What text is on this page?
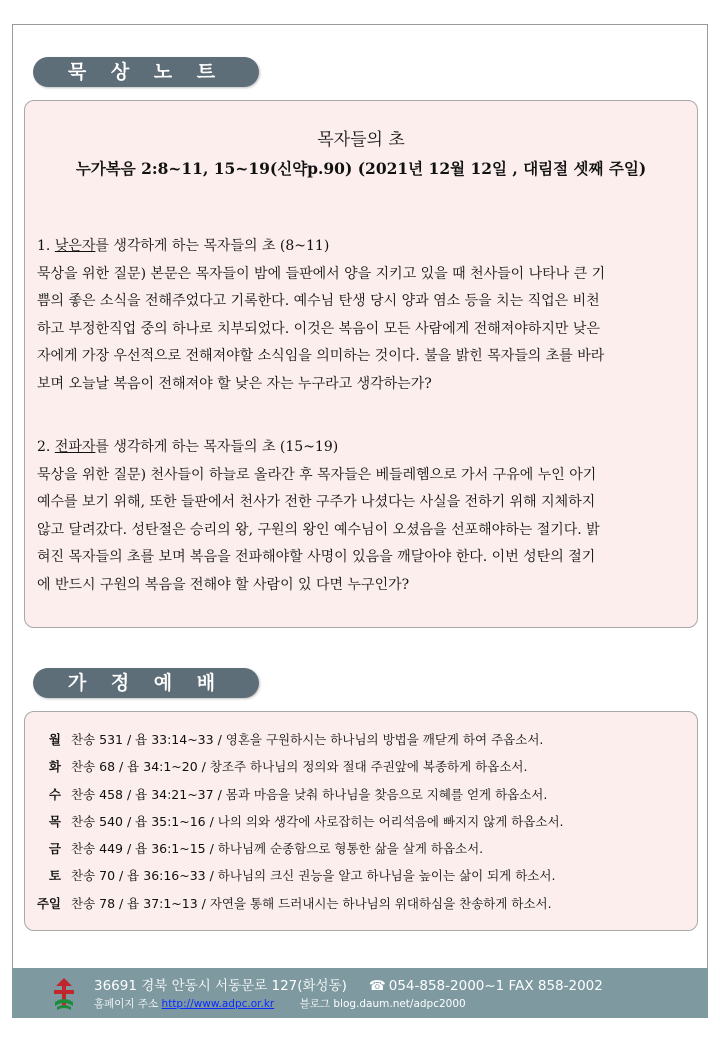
묵 상 노 트
목자들의 초
누가복음 2:8~11, 15~19(신약p.90) (2021년 12월 12일 , 대림절 셋째 주일)
1. 낮은자를 생각하게 하는 목자들의 초 (8~11)
묵상을 위한 질문) 본문은 목자들이 밤에 들판에서 양을 지키고 있을 때 천사들이 나타나 큰 기
쁨의 좋은 소식을 전해주었다고 기록한다. 예수님 탄생 당시 양과 염소 등을 치는 직업은 비천
하고 부정한직업 중의 하나로 치부되었다. 이것은 복음이 모든 사람에게 전해져야하지만 낮은
자에게 가장 우선적으로 전해져야할 소식임을 의미하는 것이다. 불을 밝힌 목자들의 초를 바라
보며 오늘날 복음이 전해져야 할 낮은 자는 누구라고 생각하는가?
2. 전파자를 생각하게 하는 목자들의 초 (15~19)
묵상을 위한 질문) 천사들이 하늘로 올라간 후 목자들은 베들레헴으로 가서 구유에 누인 아기
예수를 보기 위해, 또한 들판에서 천사가 전한 구주가 나셨다는 사실을 전하기 위해 지체하지
않고 달려갔다. 성탄절은 승리의 왕, 구원의 왕인 예수님이 오셨음을 선포해야하는 절기다. 밝
혀진 목자들의 초를 보며 복음을 전파해야할 사명이 있음을 깨달아야 한다. 이번 성탄의 절기
에 반드시 구원의 복음을 전해야 할 사람이 있 다면 누구인가?
가 정 예 배
월 찬송 531 / 욥 33:14~33 / 영혼을 구원하시는 하나님의 방법을 깨닫게 하여 주옵소서.
화 찬송 68 / 욥 34:1~20 / 창조주 하나님의 정의와 절대 주권앞에 복종하게 하옵소서.
수 찬송 458 / 욥 34:21~37 / 몸과 마음을 낮춰 하나님을 찾음으로 지혜를 얻게 하옵소서.
목 찬송 540 / 욥 35:1~16 / 나의 의와 생각에 사로잡히는 어리석음에 빠지지 않게 하옵소서.
금 찬송 449 / 욥 36:1~15 / 하나님께 순종함으로 형통한 삶을 살게 하옵소서.
토 찬송 70 / 욥 36:16~33 / 하나님의 크신 권능을 알고 하나님을 높이는 삶이 되게 하소서.
주일 찬송 78 / 욥 37:1~13 / 자연을 통해 드러내시는 하나님의 위대하심을 찬송하게 하소서.
36691 경북 안동시 서동문로 127(화성동) ☎ 054-858-2000~1 FAX 858-2002
홈페이지 주소 http://www.adpc.or.kr 블로그 blog.daum.net/adpc2000
